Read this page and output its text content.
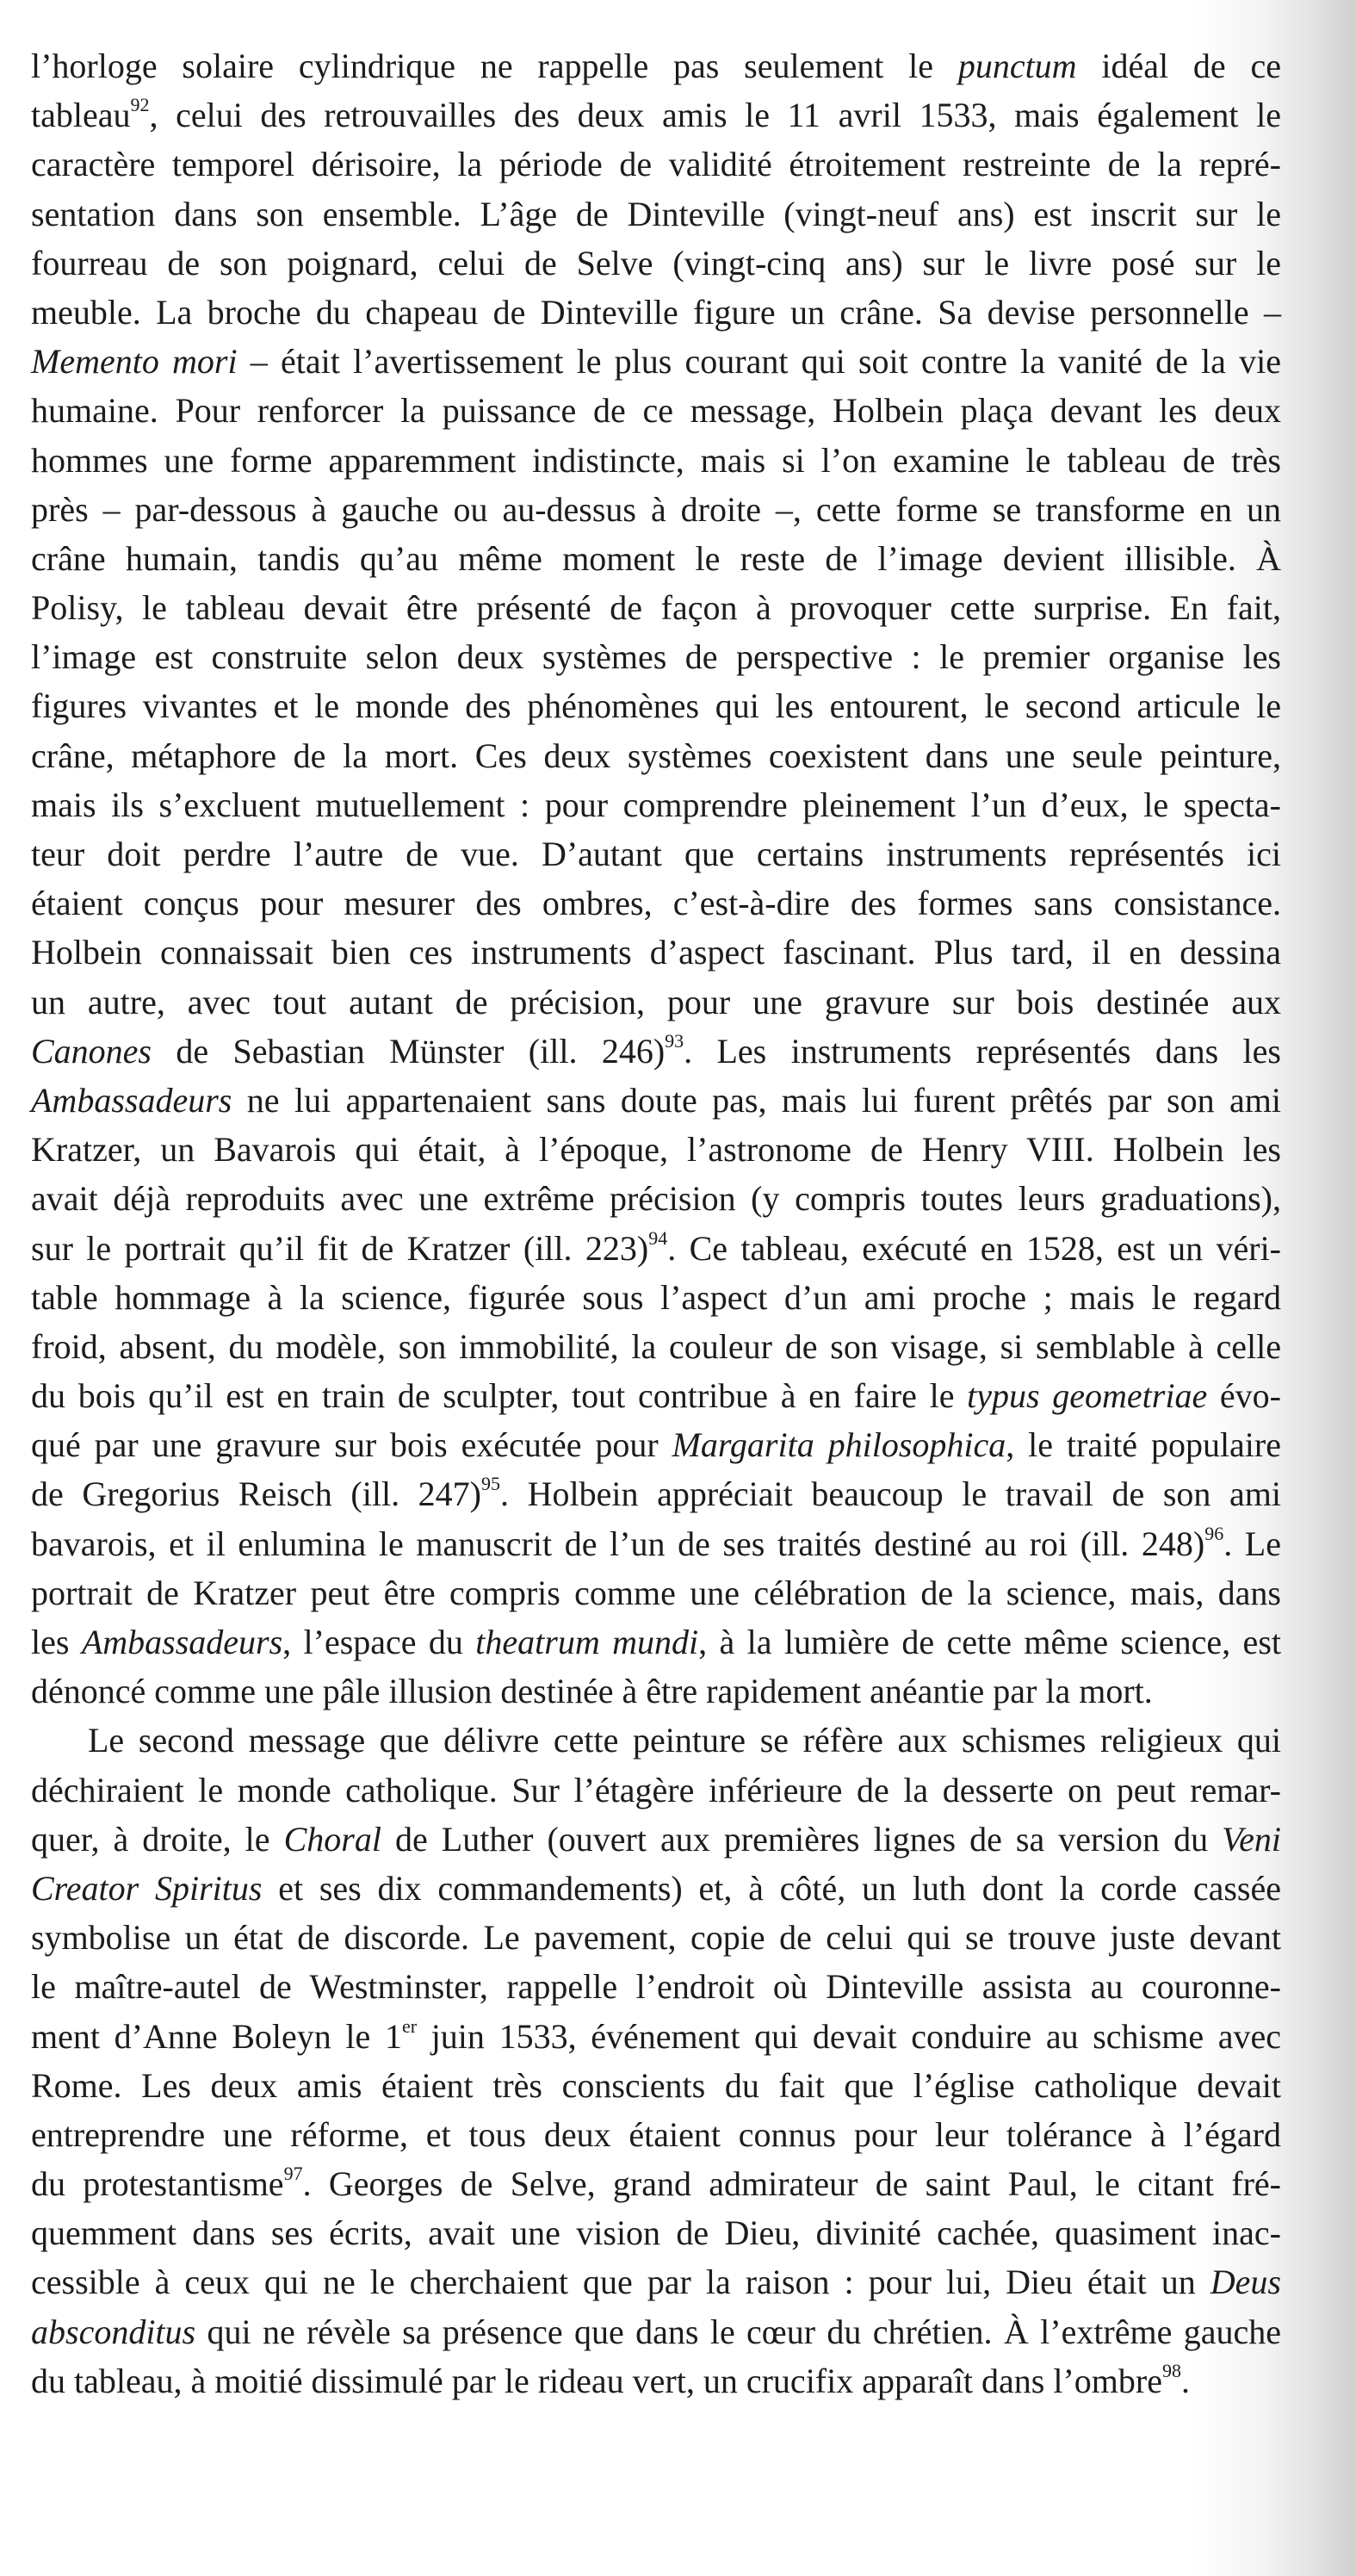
l’horloge solaire cylindrique ne rappelle pas seulement le punctum idéal de ce
tableau$^{92}$, celui des retrouvailles des deux amis le 11 avril 1533, mais également le
caractère temporel dérisoire, la période de validité étroitement restreinte de la repré-
sentation dans son ensemble. L’âge de Dinteville (vingt-neuf ans) est inscrit sur le
fourreau de son poignard, celui de Selve (vingt-cinq ans) sur le livre posé sur le
meuble. La broche du chapeau de Dinteville figure un crâne. Sa devise personnelle –
Memento mori – était l’avertissement le plus courant qui soit contre la vanité de la vie
humaine. Pour renforcer la puissance de ce message, Holbein plaça devant les deux
hommes une forme apparemment indistincte, mais si l’on examine le tableau de très
près – par-dessous à gauche ou au-dessus à droite –, cette forme se transforme en un
crâne humain, tandis qu’au même moment le reste de l’image devient illisible. À
Polisy, le tableau devait être présenté de façon à provoquer cette surprise. En fait,
l’image est construite selon deux systèmes de perspective : le premier organise les
figures vivantes et le monde des phénomènes qui les entourent, le second articule le
crâne, métaphore de la mort. Ces deux systèmes coexistent dans une seule peinture,
mais ils s’excluent mutuellement : pour comprendre pleinement l’un d’eux, le specta-
teur doit perdre l’autre de vue. D’autant que certains instruments représentés ici
étaient conçus pour mesurer des ombres, c’est-à-dire des formes sans consistance.
Holbein connaissait bien ces instruments d’aspect fascinant. Plus tard, il en dessina
un autre, avec tout autant de précision, pour une gravure sur bois destinée aux
Canones de Sebastian Münster (ill. 246)$^{93}$. Les instruments représentés dans les
Ambassadeurs ne lui appartenaient sans doute pas, mais lui furent prêtés par son ami
Kratzer, un Bavarois qui était, à l’époque, l’astronome de Henry VIII. Holbein les
avait déjà reproduits avec une extrême précision (y compris toutes leurs graduations),
sur le portrait qu’il fit de Kratzer (ill. 223)$^{94}$. Ce tableau, exécuté en 1528, est un véri-
table hommage à la science, figurée sous l’aspect d’un ami proche ; mais le regard
froid, absent, du modèle, son immobilité, la couleur de son visage, si semblable à celle
du bois qu’il est en train de sculpter, tout contribue à en faire le typus geometriae évo-
qué par une gravure sur bois exécutée pour Margarita philosophica, le traité populaire
de Gregorius Reisch (ill. 247)$^{95}$. Holbein appréciait beaucoup le travail de son ami
bavarois, et il enlumina le manuscrit de l’un de ses traités destiné au roi (ill. 248)$^{96}$. Le
portrait de Kratzer peut être compris comme une célébration de la science, mais, dans
les Ambassadeurs, l’espace du theatrum mundi, à la lumière de cette même science, est
dénoncé comme une pâle illusion destinée à être rapidement anéantie par la mort.
Le second message que délivre cette peinture se réfère aux schismes religieux qui
déchiraient le monde catholique. Sur l’étagère inférieure de la desserte on peut remar-
quer, à droite, le Choral de Luther (ouvert aux premières lignes de sa version du Veni
Creator Spiritus et ses dix commandements) et, à côté, un luth dont la corde cassée
symbolise un état de discorde. Le pavement, copie de celui qui se trouve juste devant
le maître-autel de Westminster, rappelle l’endroit où Dinteville assista au couronne-
ment d’Anne Boleyn le 1er juin 1533, événement qui devait conduire au schisme avec
Rome. Les deux amis étaient très conscients du fait que l’église catholique devait
entreprendre une réforme, et tous deux étaient connus pour leur tolérance à l’égard
du protestantisme$^{97}$. Georges de Selve, grand admirateur de saint Paul, le citant fré-
quemment dans ses écrits, avait une vision de Dieu, divinité cachée, quasiment inac-
cessible à ceux qui ne le cherchaient que par la raison : pour lui, Dieu était un Deus
absconditus qui ne révèle sa présence que dans le cœur du chrétien. À l’extrême gauche
du tableau, à moitié dissimulé par le rideau vert, un crucifix apparaît dans l’ombre$^{98}$.
